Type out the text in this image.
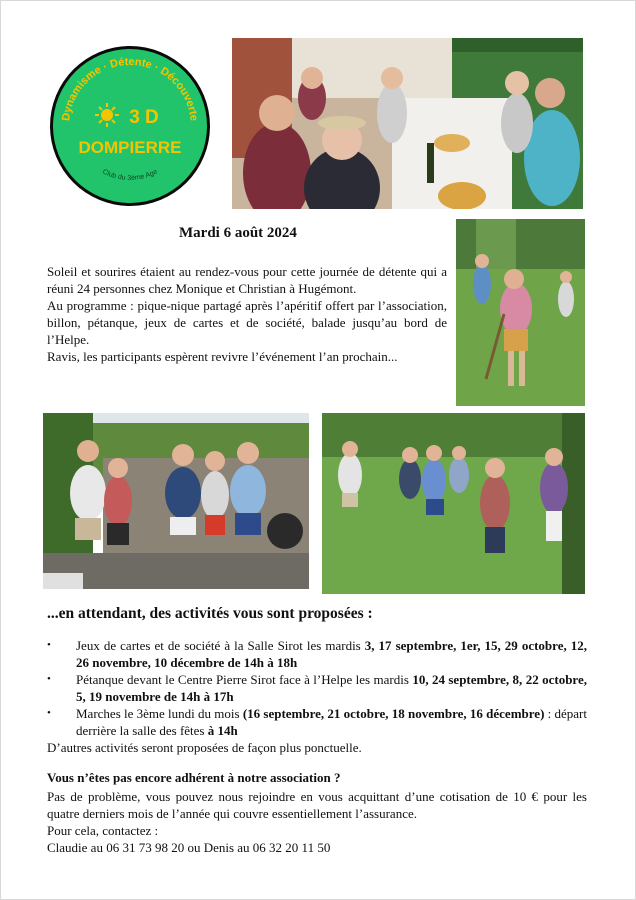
Dynamisme · Détente · Découverte
3 D
DOMPIERRE
Club du 3ème Age
Mardi 6 août 2024

Soleil et sourires étaient au rendez-vous pour cette journée de détente qui a réuni 24 personnes chez Monique et Christian à Hugémont.

Au programme : pique-nique partagé après l’apéritif offert par l’association, billon, pétanque, jeux de cartes et de société, balade jusqu’au bord de l’Helpe.

Ravis, les participants espèrent revivre l’événement l’an prochain...

...en attendant, des activités vous sont proposées :
• Jeux de cartes et de société à la Salle Sirot les mardis 3, 17 septembre, 1er, 15, 29 octobre, 12, 26 novembre, 10 décembre de 14h à 18h
• Pétanque devant le Centre Pierre Sirot face à l’Helpe les mardis 10, 24 septembre, 8, 22 octobre, 5, 19 novembre de 14h à 17h
• Marches le 3ème lundi du mois (16 septembre, 21 octobre, 18 novembre, 16 décembre) : départ derrière la salle des fêtes à 14h

D’autres activités seront proposées de façon plus ponctuelle.

Vous n’êtes pas encore adhérent à notre association ?

Pas de problème, vous pouvez nous rejoindre en vous acquittant d’une cotisation de 10 € pour les quatre derniers mois de l’année qui couvre essentiellement l’assurance.

Pour cela, contactez :

Claudie au 06 31 73 98 20 ou Denis au 06 32 20 11 50
